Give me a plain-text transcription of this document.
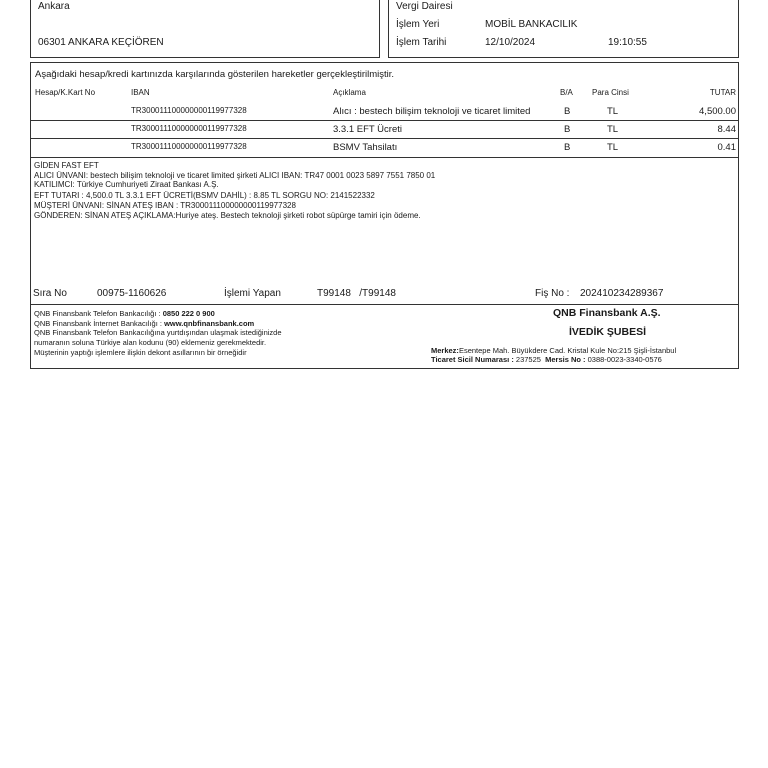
Ankara
06301 ANKARA KEÇİÖREN
Vergi Dairesi
İşlem Yeri	MOBİL BANKACILIK
İşlem Tarihi	12/10/2024	19:10:55
Aşağıdaki hesap/kredi kartınızda karşılarında gösterilen hareketler gerçekleştirilmiştir.
Hesap/K.Kart No	IBAN	Açıklama	B/A Para Cinsi	TUTAR
TR300011100000000119977328	Alıcı : bestech bilişim teknoloji ve ticaret limited	B	TL	4,500.00
TR300011100000000119977328	3.3.1 EFT Ücreti	B	TL	8.44
TR300011100000000119977328	BSMV Tahsilatı	B	TL	0.41
GİDEN FAST EFT
ALICI ÜNVANI: bestech bilişim teknoloji ve ticaret limited şirketi ALICI IBAN: TR47 0001 0023 5897 7551 7850 01
KATILIMCI: Türkiye Cumhuriyeti Ziraat Bankası A.Ş.
EFT TUTARI : 4,500.0 TL 3.3.1 EFT ÜCRETİ(BSMV DAHİL) : 8.85 TL SORGU NO: 2141522332
MÜŞTERİ ÜNVANI: SİNAN ATEŞ IBAN : TR300011100000000119977328
GÖNDEREN: SİNAN ATEŞ AÇIKLAMA:Huriye ateş. Bestech teknoloji şirketi robot süpürge tamiri için ödeme.
Sıra No	00975-1160626	İşlemi Yapan	T99148   /T99148	Fiş No : 202410234289367
QNB Finansbank Telefon Bankacılığı : 0850 222 0 900
QNB Finansbank İnternet Bankacılığı : www.qnbfinansbank.com
QNB Finansbank Telefon Bankacılığına yurtdışından ulaşmak istediğinizde
numaranın soluna Türkiye alan kodunu (90) eklemeniz gerekmektedir.
Müşterinin yaptığı işlemlere ilişkin dekont asıllarının bir örneğidir
QNB Finansbank A.Ş.
İVEDİK ŞUBESİ
Merkez:Esentepe Mah. Büyükdere Cad. Kristal Kule No:215 Şişli-İstanbul
Ticaret Sicil Numarası : 237525 Mersis No : 0388-0023-3340-0576
